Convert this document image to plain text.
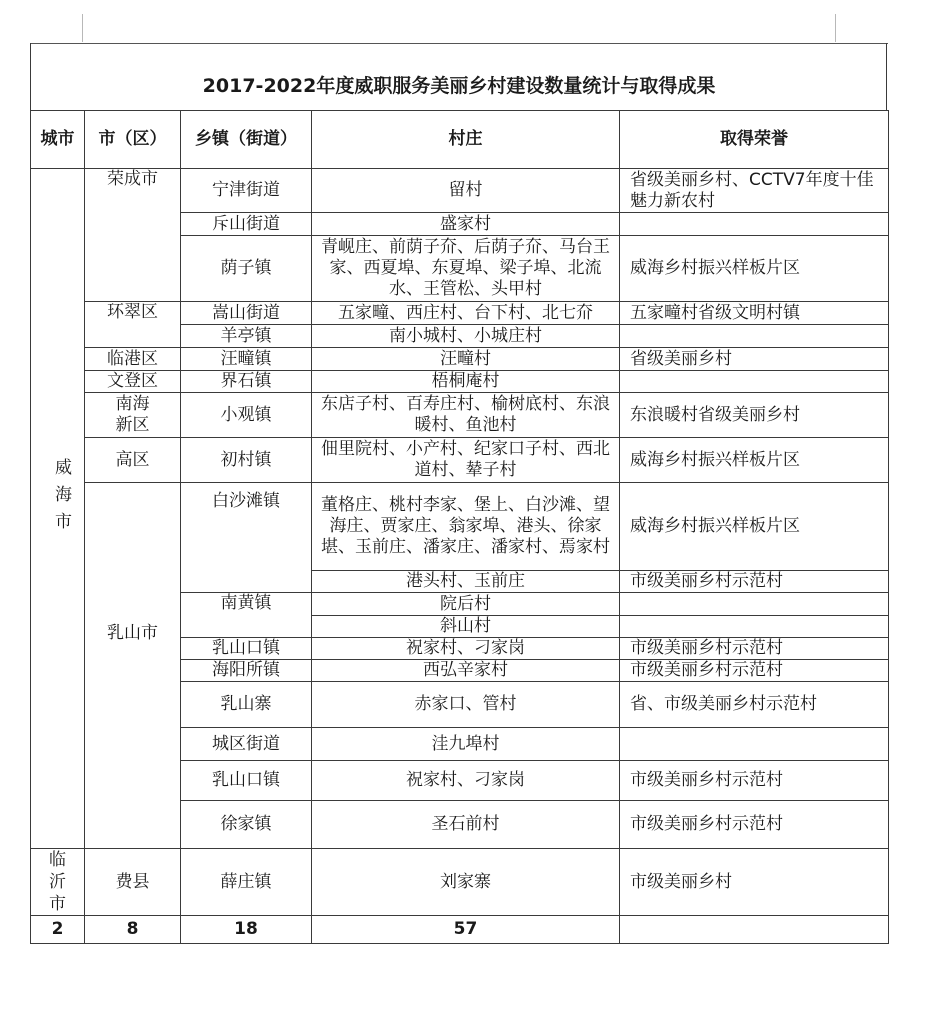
2017-2022年度威职服务美丽乡村建设数量统计与取得成果
城市	市（区）	乡镇（街道）	村庄	取得荣誉
威海市	荣成市	宁津街道	留村	省级美丽乡村、CCTV7年度十佳魅力新农村
		斥山街道	盛家村	
		荫子镇	青岘庄、前荫子夼、后荫子夼、马台王家、西夏埠、东夏埠、梁子埠、北流水、王管松、头甲村	威海乡村振兴样板片区
	环翠区	嵩山街道	五家疃、西庄村、台下村、北七夼	五家疃村省级文明村镇
		羊亭镇	南小城村、小城庄村	
	临港区	汪疃镇	汪疃村	省级美丽乡村
	文登区	界石镇	梧桐庵村	
	南海新区	小观镇	东店子村、百寿庄村、榆树底村、东浪暖村、鱼池村	东浪暖村省级美丽乡村
	高区	初村镇	佃里院村、小产村、纪家口子村、西北道村、辇子村	威海乡村振兴样板片区
	乳山市	白沙滩镇	董格庄、桃村李家、堡上、白沙滩、望海庄、贾家庄、翁家埠、港头、徐家堪、玉前庄、潘家庄、潘家村、焉家村	威海乡村振兴样板片区
			港头村、玉前庄	市级美丽乡村示范村
		南黄镇	院后村	
			斜山村	
		乳山口镇	祝家村、刁家岗	市级美丽乡村示范村
		海阳所镇	西弘辛家村	市级美丽乡村示范村
		乳山寨	赤家口、管村	省、市级美丽乡村示范村
		城区街道	洼九埠村	
		乳山口镇	祝家村、刁家岗	市级美丽乡村示范村
		徐家镇	圣石前村	市级美丽乡村示范村
临沂市	费县	薛庄镇	刘家寨	市级美丽乡村
2	8	18	57	
